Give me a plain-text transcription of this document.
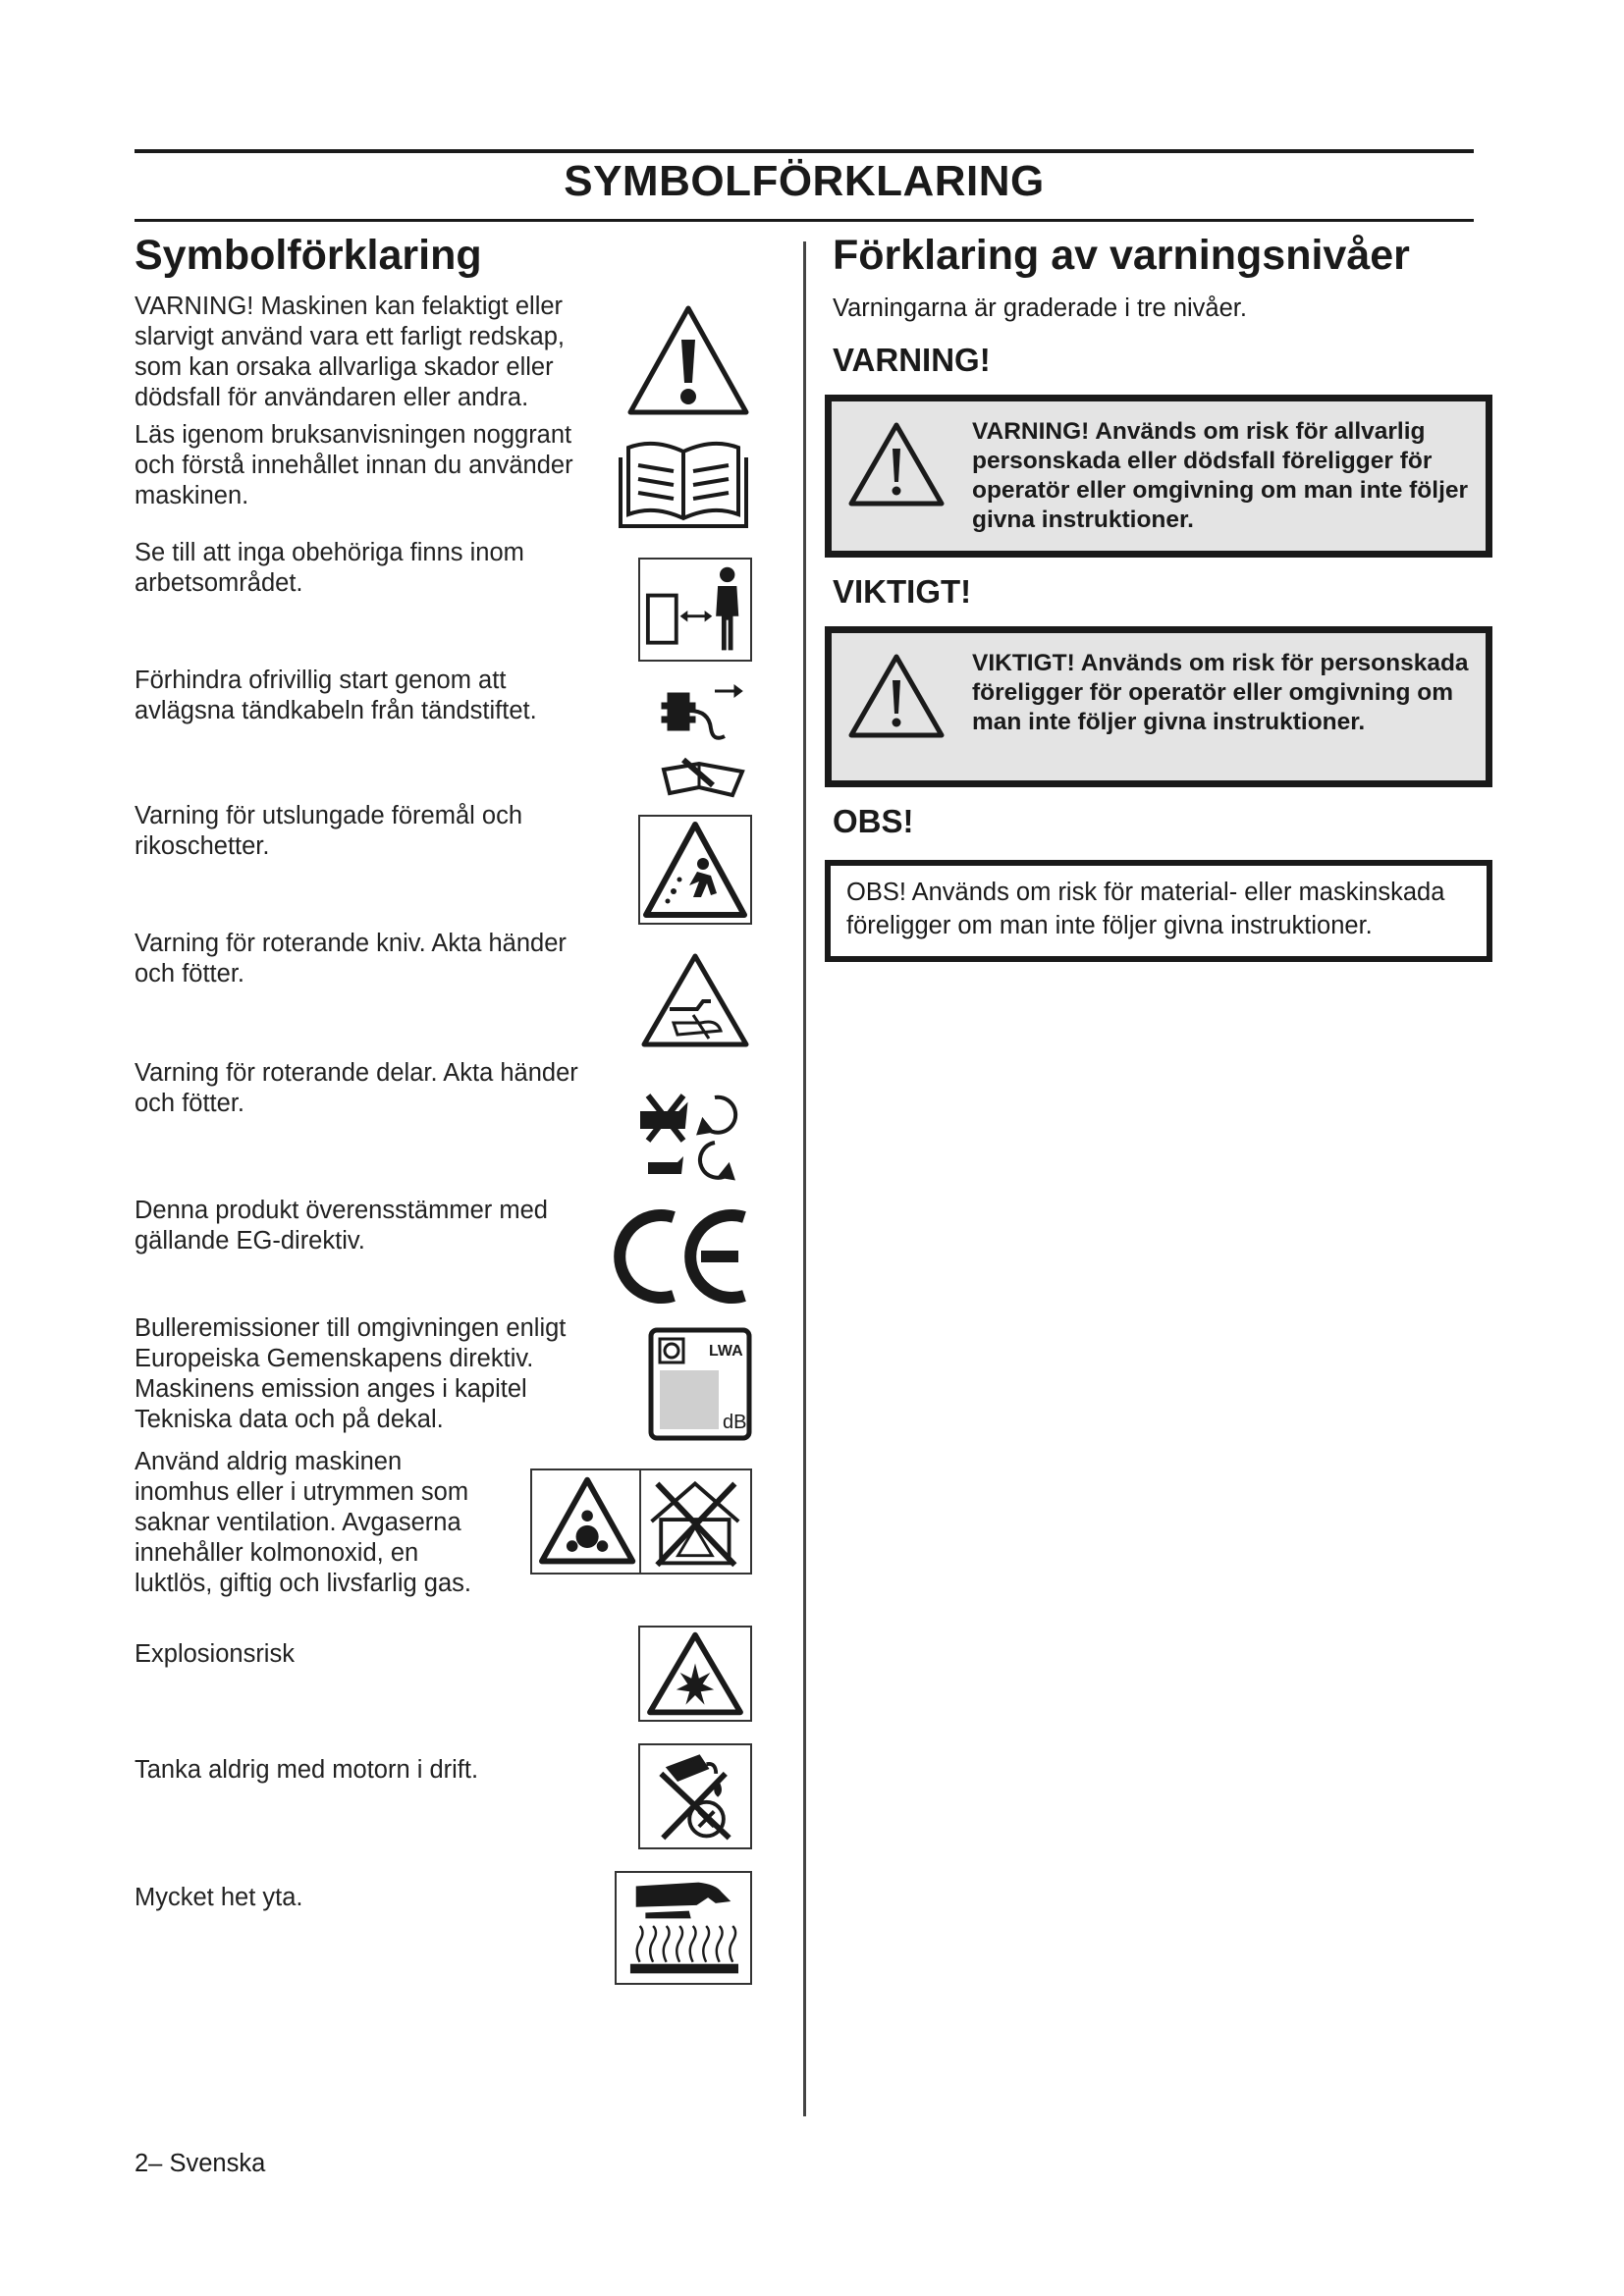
SYMBOLFÖRKLARING
Symbolförklaring

VARNING! Maskinen kan felaktigt eller slarvigt använd vara ett farligt redskap, som kan orsaka allvarliga skador eller dödsfall för användaren eller andra.

Läs igenom bruksanvisningen noggrant och förstå innehållet innan du använder maskinen.

Se till att inga obehöriga finns inom arbetsområdet.

Förhindra ofrivillig start genom att avlägsna tändkabeln från tändstiftet.

Varning för utslungade föremål och rikoschetter.

Varning för roterande kniv. Akta händer och fötter.

Varning för roterande delar. Akta händer och fötter.

Denna produkt överensstämmer med gällande EG-direktiv.

Bulleremissioner till omgivningen enligt Europeiska Gemenskapens direktiv. Maskinens emission anges i kapitel Tekniska data och på dekal.

LWA
dB

Använd aldrig maskinen inomhus eller i utrymmen som saknar ventilation. Avgaserna innehåller kolmonoxid, en luktlös, giftig och livsfarlig gas.

Explosionsrisk

Tanka aldrig med motorn i drift.

Mycket het yta.

Förklaring av varningsnivåer

Varningarna är graderade i tre nivåer.

VARNING!

VARNING! Används om risk för allvarlig personskada eller dödsfall föreligger för operatör eller omgivning om man inte följer givna instruktioner.

VIKTIGT!

VIKTIGT! Används om risk för personskada föreligger för operatör eller omgivning om man inte följer givna instruktioner.

OBS!

OBS! Används om risk för material- eller maskinskada föreligger om man inte följer givna instruktioner.

2– Svenska
